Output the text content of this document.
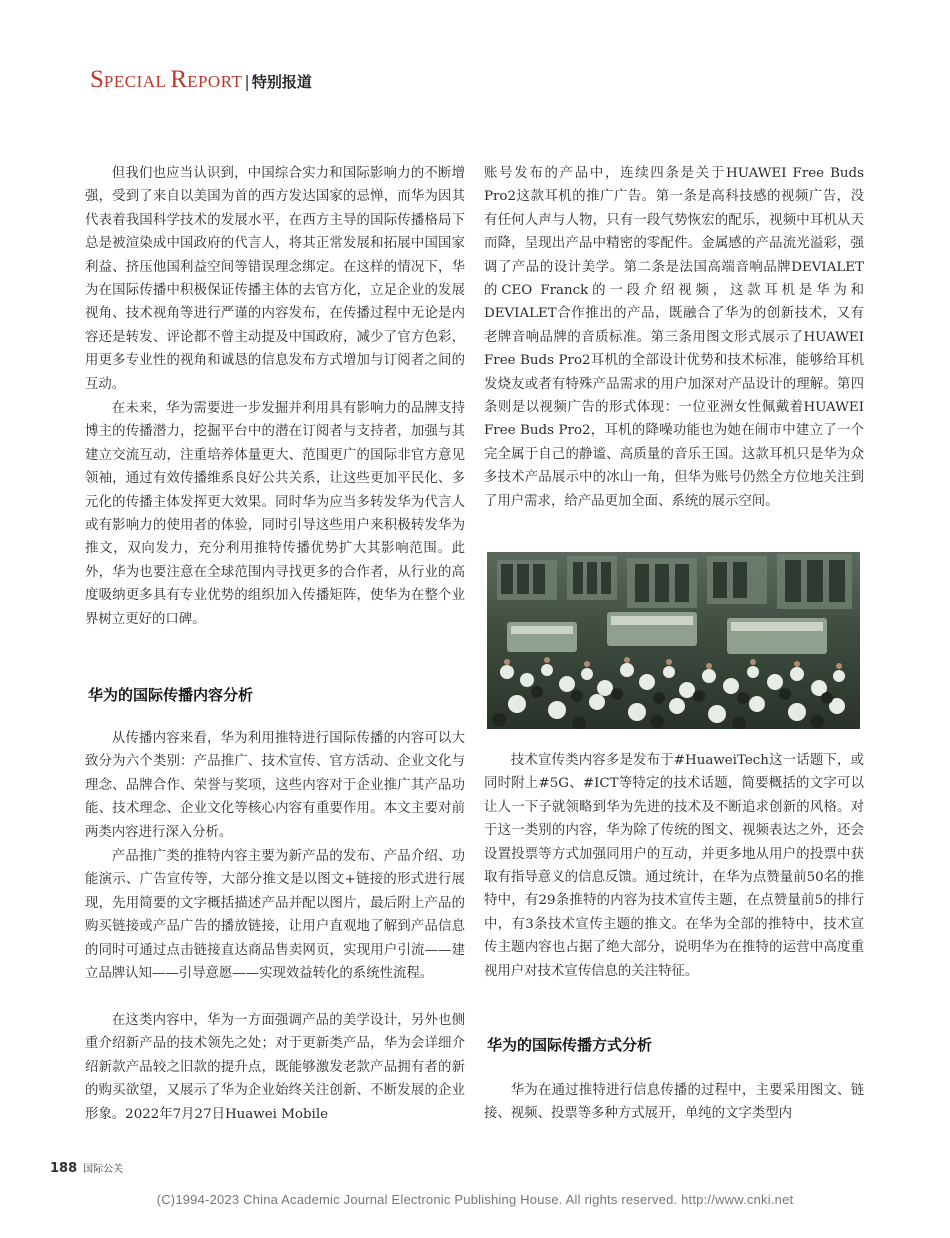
SPECIAL REPORT | 特别报道

但我们也应当认识到，中国综合实力和国际影响力的不断增强，受到了来自以美国为首的西方发达国家的忌惮，而华为因其代表着我国科学技术的发展水平，在西方主导的国际传播格局下总是被渲染成中国政府的代言人，将其正常发展和拓展中国国家利益、挤压他国利益空间等错误理念绑定。在这样的情况下，华为在国际传播中积极保证传播主体的去官方化，立足企业的发展视角、技术视角等进行严谨的内容发布，在传播过程中无论是内容还是转发、评论都不曾主动提及中国政府，减少了官方色彩，用更多专业性的视角和诚恳的信息发布方式增加与订阅者之间的互动。

在未来，华为需要进一步发掘并利用具有影响力的品牌支持博主的传播潜力，挖掘平台中的潜在订阅者与支持者，加强与其建立交流互动，注重培养体量更大、范围更广的国际非官方意见领袖，通过有效传播维系良好公共关系，让这些更加平民化、多元化的传播主体发挥更大效果。同时华为应当多转发华为代言人或有影响力的使用者的体验，同时引导这些用户来积极转发华为推文，双向发力，充分利用推特传播优势扩大其影响范围。此外，华为也要注意在全球范围内寻找更多的合作者，从行业的高度吸纳更多具有专业优势的组织加入传播矩阵，使华为在整个业界树立更好的口碑。

华为的国际传播内容分析

从传播内容来看，华为利用推特进行国际传播的内容可以大致分为六个类别：产品推广、技术宣传、官方活动、企业文化与理念、品牌合作、荣誉与奖项，这些内容对于企业推广其产品功能、技术理念、企业文化等核心内容有重要作用。本文主要对前两类内容进行深入分析。

产品推广类的推特内容主要为新产品的发布、产品介绍、功能演示、广告宣传等，大部分推文是以图文+链接的形式进行展现，先用简要的文字概括描述产品并配以图片，最后附上产品的购买链接或产品广告的播放链接，让用户直观地了解到产品信息的同时可通过点击链接直达商品售卖网页，实现用户引流——建立品牌认知——引导意愿——实现效益转化的系统性流程。

在这类内容中，华为一方面强调产品的美学设计，另外也侧重介绍新产品的技术领先之处；对于更新类产品，华为会详细介绍新款产品较之旧款的提升点，既能够激发老款产品拥有者的新的购买欲望，又展示了华为企业始终关注创新、不断发展的企业形象。2022年7月27日Huawei Mobile

账号发布的产品中，连续四条是关于HUAWEI Free Buds Pro2这款耳机的推广广告。第一条是高科技感的视频广告，没有任何人声与人物，只有一段气势恢宏的配乐，视频中耳机从天而降，呈现出产品中精密的零配件。金属感的产品流光溢彩，强调了产品的设计美学。第二条是法国高端音响品牌DEVIALET的CEO Franck的一段介绍视频，这款耳机是华为和DEVIALET合作推出的产品，既融合了华为的创新技术，又有老牌音响品牌的音质标准。第三条用图文形式展示了HUAWEI Free Buds Pro2耳机的全部设计优势和技术标准，能够给耳机发烧友或者有特殊产品需求的用户加深对产品设计的理解。第四条则是以视频广告的形式体现：一位亚洲女性佩戴着HUAWEI Free Buds Pro2，耳机的降噪功能也为她在闹市中建立了一个完全属于自己的静谧、高质量的音乐王国。这款耳机只是华为众多技术产品展示中的冰山一角，但华为账号仍然全方位地关注到了用户需求，给产品更加全面、系统的展示空间。

技术宣传类内容多是发布于#HuaweiTech这一话题下，或同时附上#5G、#ICT等特定的技术话题，简要概括的文字可以让人一下子就领略到华为先进的技术及不断追求创新的风格。对于这一类别的内容，华为除了传统的图文、视频表达之外，还会设置投票等方式加强同用户的互动，并更多地从用户的投票中获取有指导意义的信息反馈。通过统计，在华为点赞量前50名的推特中，有29条推特的内容为技术宣传主题，在点赞量前5的排行中，有3条技术宣传主题的推文。在华为全部的推特中，技术宣传主题内容也占据了绝大部分，说明华为在推特的运营中高度重视用户对技术宣传信息的关注特征。

华为的国际传播方式分析

华为在通过推特进行信息传播的过程中，主要采用图文、链接、视频、投票等多种方式展开，单纯的文字类型内

188 国际公关
(C)1994-2023 China Academic Journal Electronic Publishing House. All rights reserved. http://www.cnki.net
